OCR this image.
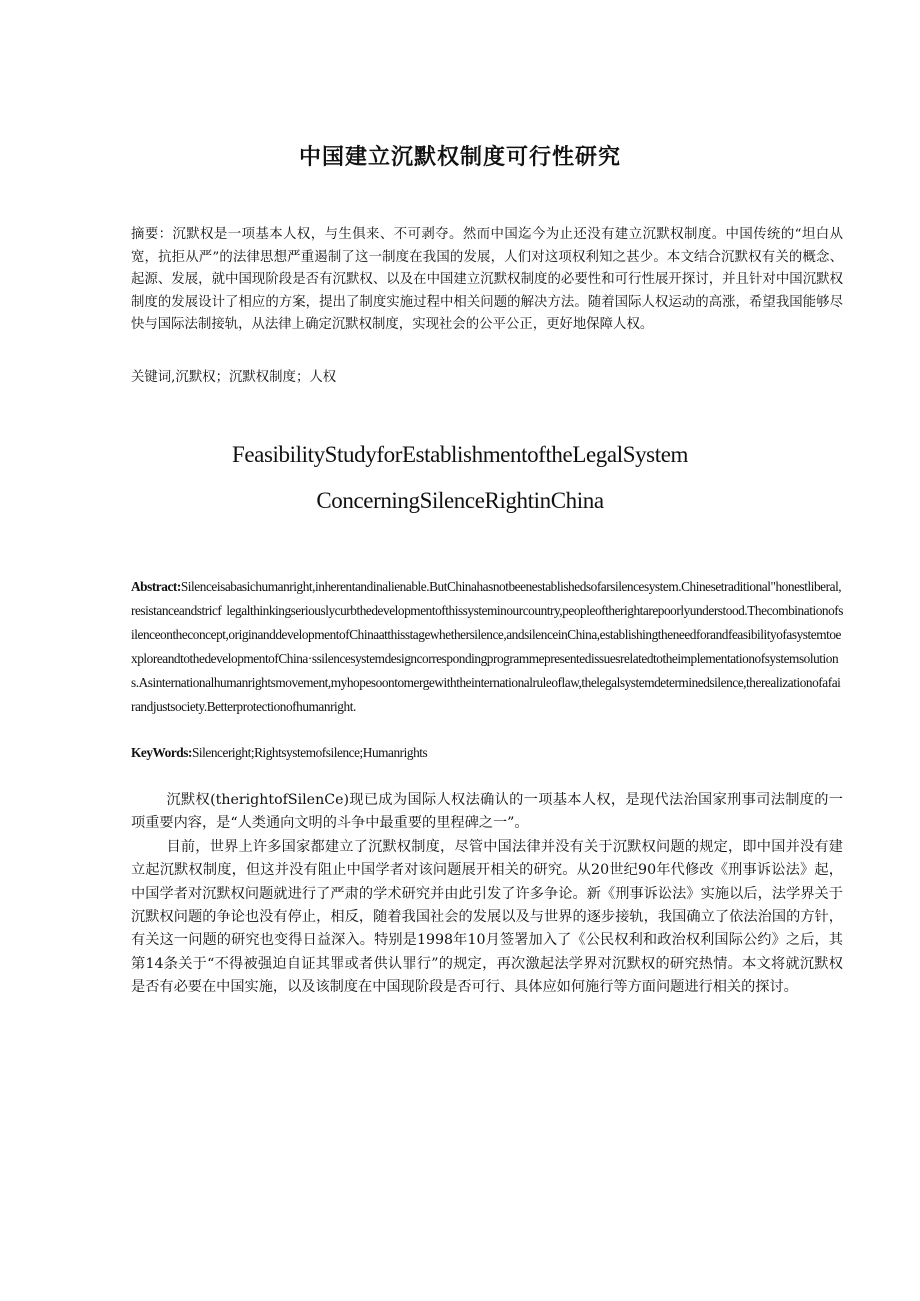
中国建立沉默权制度可行性研究
摘要：沉默权是一项基本人权，与生俱来、不可剥夺。然而中国迄今为止还没有建立沉默权制度。中国传统的“坦白从宽，抗拒从严”的法律思想严重遏制了这一制度在我国的发展，人们对这项权利知之甚少。本文结合沉默权有关的概念、起源、发展，就中国现阶段是否有沉默权、以及在中国建立沉默权制度的必要性和可行性展开探讨，并且针对中国沉默权制度的发展设计了相应的方案，提出了制度实施过程中相关问题的解决方法。随着国际人权运动的高涨，希望我国能够尽快与国际法制接轨，从法律上确定沉默权制度，实现社会的公平公正，更好地保障人权。
关键词,沉默权；沉默权制度；人权
FeasibilityStudyforEstablishmentoftheLegalSystem
ConcerningSilenceRightinChina
Abstract:Silenceisabasichumanright,inherentandinalienable.ButChinahasnotbeenestablishedsofarsilencesystem.Chinesetraditional"honestliberal,resistanceandstricf legalthinkingseriouslycurbthedevelopmentofthissysteminourcountry,peopleoftherightarepoorlyunderstood.Thecombinationofsilenceontheconcept,originanddevelopmentofChinaatthisstagewhethersilence,andsilenceinChina,establishingtheneedforandfeasibilityofasystemtoexploreandtothedevelopmentofChina·ssilencesystemdesigncorrespondingprogrammepresentedissuesrelatedtotheimplementationofsystemsolutions.Asinternationalhumanrightsmovement,myhopesoontomergewiththeinternationalruleoflaw,thelegalsystemdeterminedsilence,therealizationofafairandjustsociety.Betterprotectionofhumanright.
KeyWords:Silenceright;Rightsystemofsilence;Humanrights

沉默权(therightofSilenCe)现已成为国际人权法确认的一项基本人权，是现代法治国家刑事司法制度的一项重要内容，是“人类通向文明的斗争中最重要的里程碑之一”。

目前，世界上许多国家都建立了沉默权制度，尽管中国法律并没有关于沉默权问题的规定，即中国并没有建立起沉默权制度，但这并没有阻止中国学者对该问题展开相关的研究。从20世纪90年代修改《刑事诉讼法》起，中国学者对沉默权问题就进行了严肃的学术研究并由此引发了许多争论。新《刑事诉讼法》实施以后，法学界关于沉默权问题的争论也没有停止，相反，随着我国社会的发展以及与世界的逐步接轨，我国确立了依法治国的方针，有关这一问题的研究也变得日益深入。特别是1998年10月签署加入了《公民权利和政治权利国际公约》之后，其第14条关于“不得被强迫自证其罪或者供认罪行”的规定，再次激起法学界对沉默权的研究热情。本文将就沉默权是否有必要在中国实施，以及该制度在中国现阶段是否可行、具体应如何施行等方面问题进行相关的探讨。
